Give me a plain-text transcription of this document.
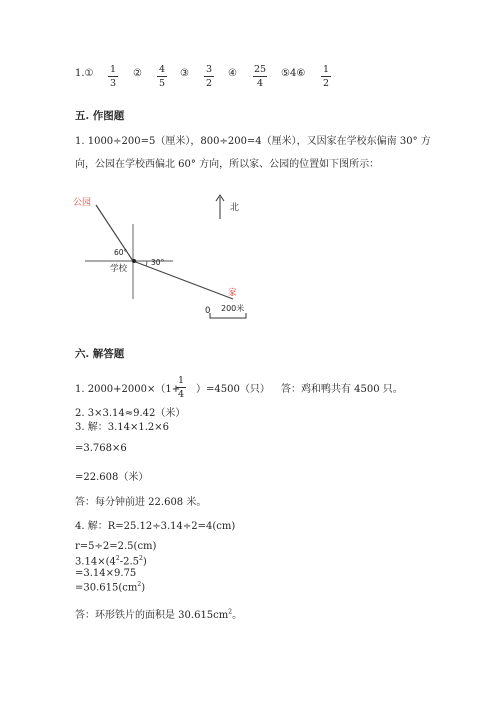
1.① 1
3
② 4
5
③ 3
2
④ 25
4
⑤4⑥ 1
2
五. 作图题
1. 1000÷200=5（厘米），800÷200=4（厘米），又因家在学校东偏南 30° 方
向，公园在学校西偏北 60° 方向，所以家、公园的位置如下图所示：
公园	北
60°
30°
学校
家
0 200米
六. 解答题
1. 2000+2000×（1+
1
4 ）=4500（只） 答：鸡和鸭共有 4500 只。
2. 3×3.14≈9.42（米）
3. 解：3.14×1.2×6
=3.768×6
=22.608（米）
答：每分钟前进 22.608 米。
4. 解：R=25.12÷3.14÷2=4(cm)
r=5÷2=2.5(cm)
$3.14\times(4^2-2.5^2)$
=3.14×9.75
$=30.615(cm^2)$
答：环形铁片的面积是 $30.615cm^2$。
